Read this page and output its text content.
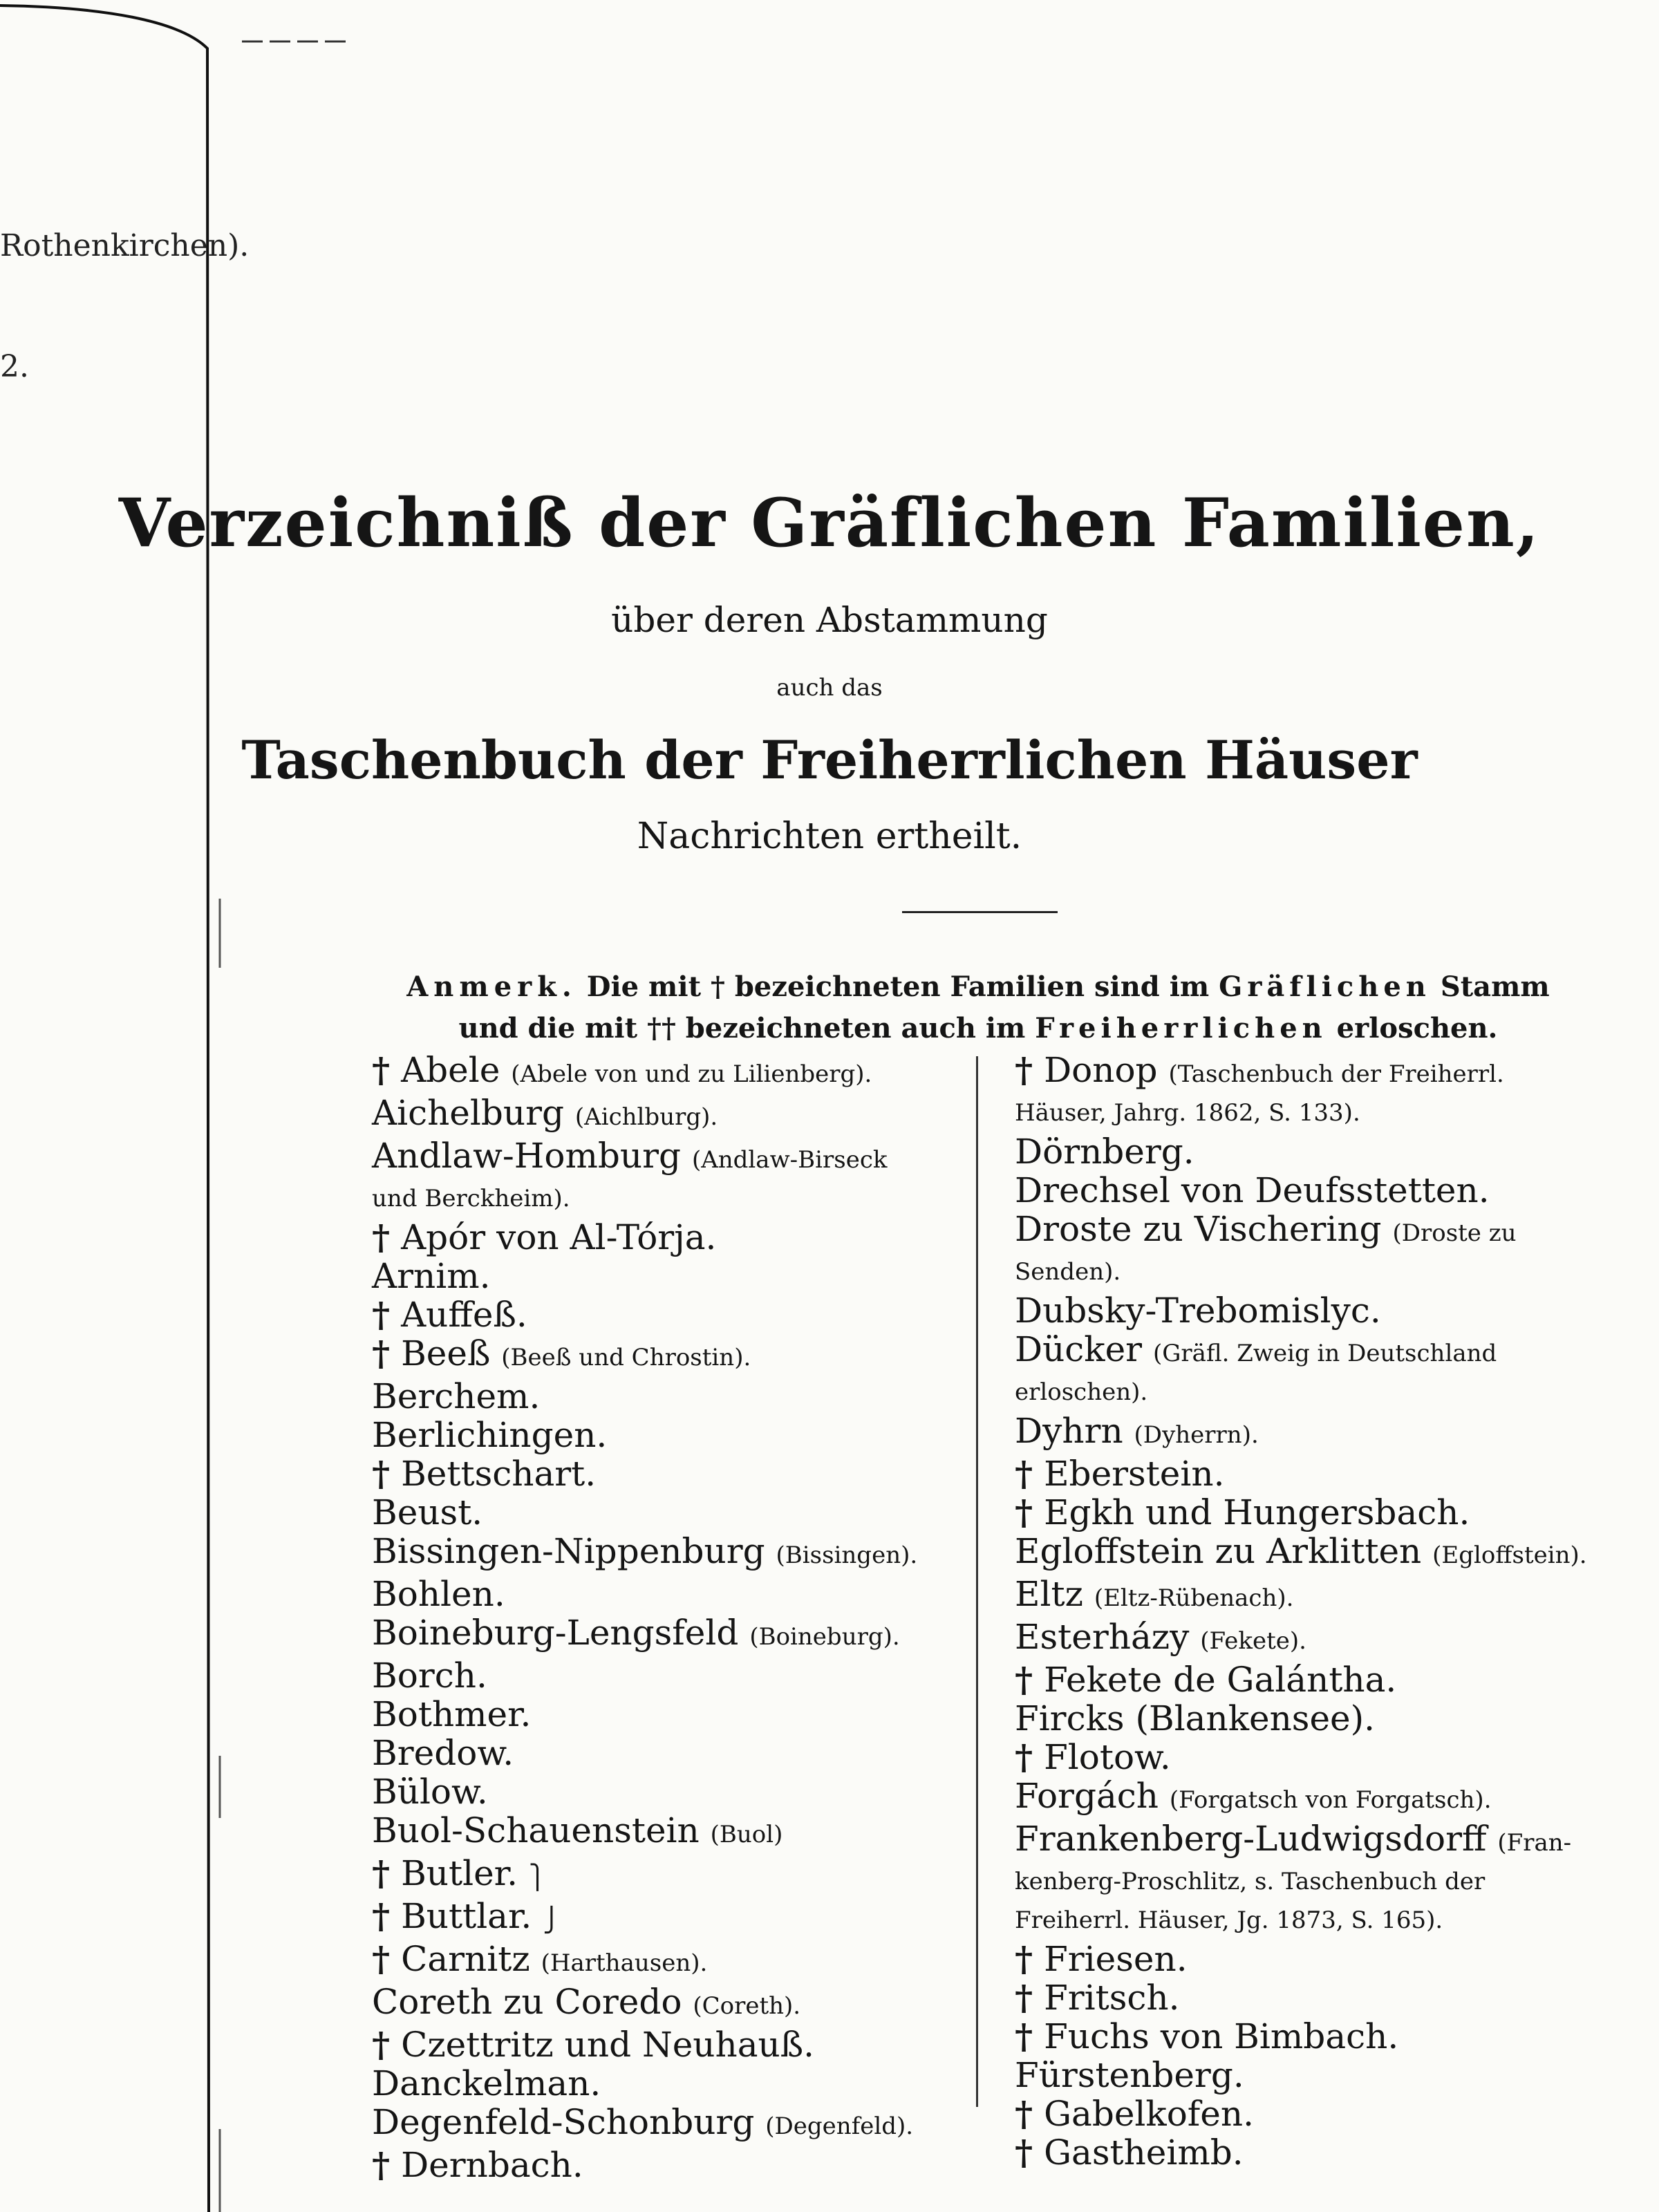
Rothenkirchen).
2.
Verzeichniß der Gräflichen Familien,
über deren Abstammung
auch das
Taschenbuch der Freiherrlichen Häuser
Nachrichten ertheilt.
Anmerk. Die mit † bezeichneten Familien sind im Gräflichen Stamm
und die mit †† bezeichneten auch im Freiherrlichen erloschen.
† Abele (Abele von und zu Lilienberg).
Aichelburg (Aichlburg).
Andlaw-Homburg (Andlaw-Birseck
und Berckheim).
† Apór von Al-Tórja.
Arnim.
† Auffeß.
† Beeß (Beeß und Chrostin).
Berchem.
Berlichingen.
† Bettschart.
Beust.
Bissingen-Nippenburg (Bissingen).
Bohlen.
Boineburg-Lengsfeld (Boineburg).
Borch.
Bothmer.
Bredow.
Bülow.
Buol-Schauenstein (Buol)
† Butler. ⎫
† Buttlar. ⎭
† Carnitz (Harthausen).
Coreth zu Coredo (Coreth).
† Czettritz und Neuhauß.
Danckelman.
Degenfeld-Schonburg (Degenfeld).
† Dernbach.
† Donop (Taschenbuch der Freiherrl.
Häuser, Jahrg. 1862, S. 133).
Dörnberg.
Drechsel von Deufsstetten.
Droste zu Vischering (Droste zu
Senden).
Dubsky-Trebomislyc.
Dücker (Gräfl. Zweig in Deutschland
erloschen).
Dyhrn (Dyherrn).
† Eberstein.
† Egkh und Hungersbach.
Egloffstein zu Arklitten (Egloffstein).
Eltz (Eltz-Rübenach).
Esterházy (Fekete).
† Fekete de Galántha.
Fircks (Blankensee).
† Flotow.
Forgách (Forgatsch von Forgatsch).
Frankenberg-Ludwigsdorff (Fran-
kenberg-Proschlitz, s. Taschenbuch der Freiherrl. Häuser, Jg. 1873, S. 165).
† Friesen.
† Fritsch.
† Fuchs von Bimbach.
Fürstenberg.
† Gabelkofen.
† Gastheimb.
